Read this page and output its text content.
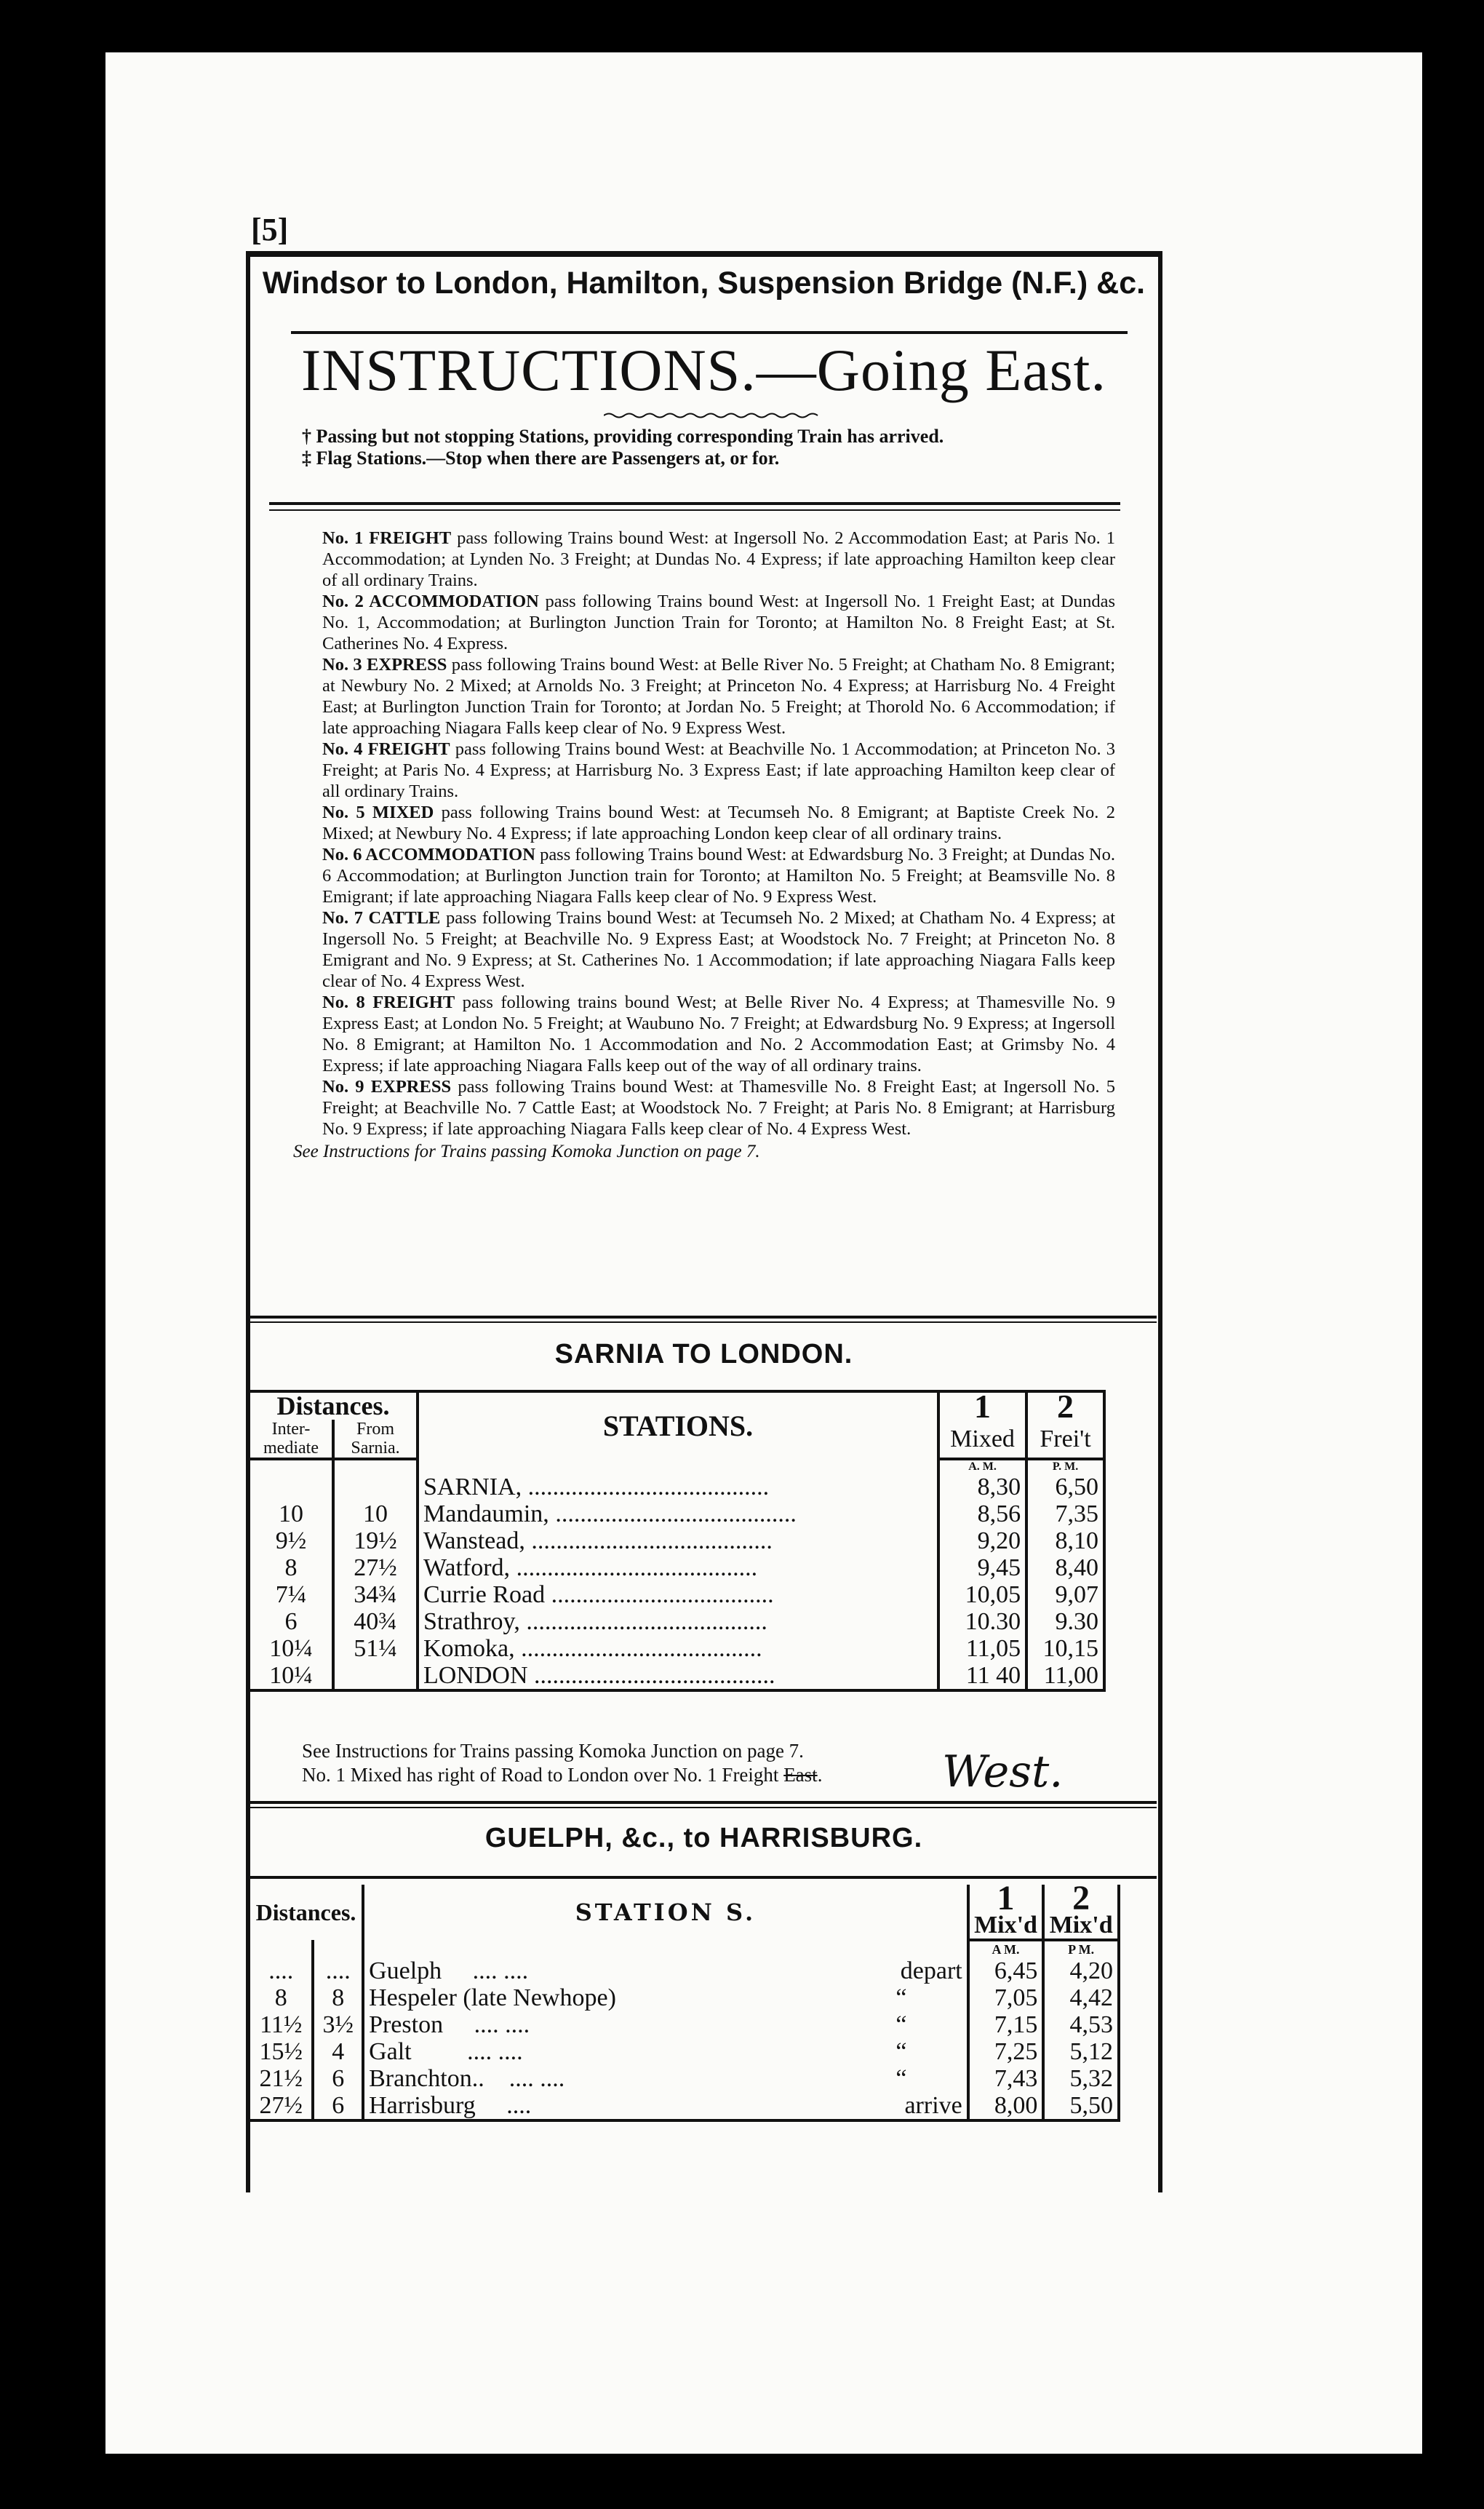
[5]
Windsor to London, Hamilton, Suspension Bridge (N.F.) &c.
INSTRUCTIONS.—Going East.
† Passing but not stopping Stations, providing corresponding Train has arrived.
‡ Flag Stations.—Stop when there are Passengers at, or for.
No. 1 FREIGHT pass following Trains bound West: at Ingersoll No. 2 Accommodation East; at Paris No. 1 Accommodation; at Lynden No. 3 Freight; at Dundas No. 4 Express; if late approaching Hamilton keep clear of all ordinary Trains.
No. 2 ACCOMMODATION pass following Trains bound West: at Ingersoll No. 1 Freight East; at Dundas No. 1, Accommodation; at Burlington Junction Train for Toronto; at Hamilton No. 8 Freight East; at St. Catherines No. 4 Express.
No. 3 EXPRESS pass following Trains bound West: at Belle River No. 5 Freight; at Chatham No. 8 Emigrant; at Newbury No. 2 Mixed; at Arnolds No. 3 Freight; at Princeton No. 4 Express; at Harrisburg No. 4 Freight East; at Burlington Junction Train for Toronto; at Jordan No. 5 Freight; at Thorold No. 6 Accommodation; if late approaching Niagara Falls keep clear of No. 9 Express West.
No. 4 FREIGHT pass following Trains bound West: at Beachville No. 1 Accommodation; at Princeton No. 3 Freight; at Paris No. 4 Express; at Harrisburg No. 3 Express East; if late approaching Hamilton keep clear of all ordinary Trains.
No. 5 MIXED pass following Trains bound West: at Tecumseh No. 8 Emigrant; at Baptiste Creek No. 2 Mixed; at Newbury No. 4 Express; if late approaching London keep clear of all ordinary trains.
No. 6 ACCOMMODATION pass following Trains bound West: at Edwardsburg No. 3 Freight; at Dundas No. 6 Accommodation; at Burlington Junction train for Toronto; at Hamilton No. 5 Freight; at Beamsville No. 8 Emigrant; if late approaching Niagara Falls keep clear of No. 9 Express West.
No. 7 CATTLE pass following Trains bound West: at Tecumseh No. 2 Mixed; at Chatham No. 4 Express; at Ingersoll No. 5 Freight; at Beachville No. 9 Express East; at Woodstock No. 7 Freight; at Princeton No. 8 Emigrant and No. 9 Express; at St. Catherines No. 1 Accommodation; if late approaching Niagara Falls keep clear of No. 4 Express West.
No. 8 FREIGHT pass following trains bound West; at Belle River No. 4 Express; at Thamesville No. 9 Express East; at London No. 5 Freight; at Waubuno No. 7 Freight; at Edwardsburg No. 9 Express; at Ingersoll No. 8 Emigrant; at Hamilton No. 1 Accommodation and No. 2 Accommodation East; at Grimsby No. 4 Express; if late approaching Niagara Falls keep out of the way of all ordinary trains.
No. 9 EXPRESS pass following Trains bound West: at Thamesville No. 8 Freight East; at Ingersoll No. 5 Freight; at Beachville No. 7 Cattle East; at Woodstock No. 7 Freight; at Paris No. 8 Emigrant; at Harrisburg No. 9 Express; if late approaching Niagara Falls keep clear of No. 4 Express West.
See Instructions for Trains passing Komoka Junction on page 7.
SARNIA TO LONDON.
Distances.		STATIONS.	1	2
Inter-mediate	From Sarnia.		Mixed	Frei't
			A. M.	P. M.
		SARNIA, .......................................	8,30	6,50
10	10	Mandaumin, .......................................	8,56	7,35
9½	19½	Wanstead, .......................................	9,20	8,10
8	27½	Watford, .......................................	9,45	8,40
7¼	34¾	Currie Road ....................................	10,05	9,07
6	40¾	Strathroy, .......................................	10.30	9.30
10¼	51¼	Komoka, .......................................	11,05	10,15
10¼		LONDON .......................................	11 40	11,00
See Instructions for Trains passing Komoka Junction on page 7.
No. 1 Mixed has right of Road to London over No. 1 Freight East.	West.
GUELPH, &c., to HARRISBURG.
Distances.		STATION S.		1	2
				Mix'd	Mix'd
				A M.	P M.
....	....	Guelph .... ....	depart	6,45	4,20
8	8	Hespeler (late Newhope)	“	7,05	4,42
11½	3½	Preston .... ....	“	7,15	4,53
15½	4	Galt .... ....	“	7,25	5,12
21½	6	Branchton.. .... ....	“	7,43	5,32
27½	6	Harrisburg ....	arrive	8,00	5,50
